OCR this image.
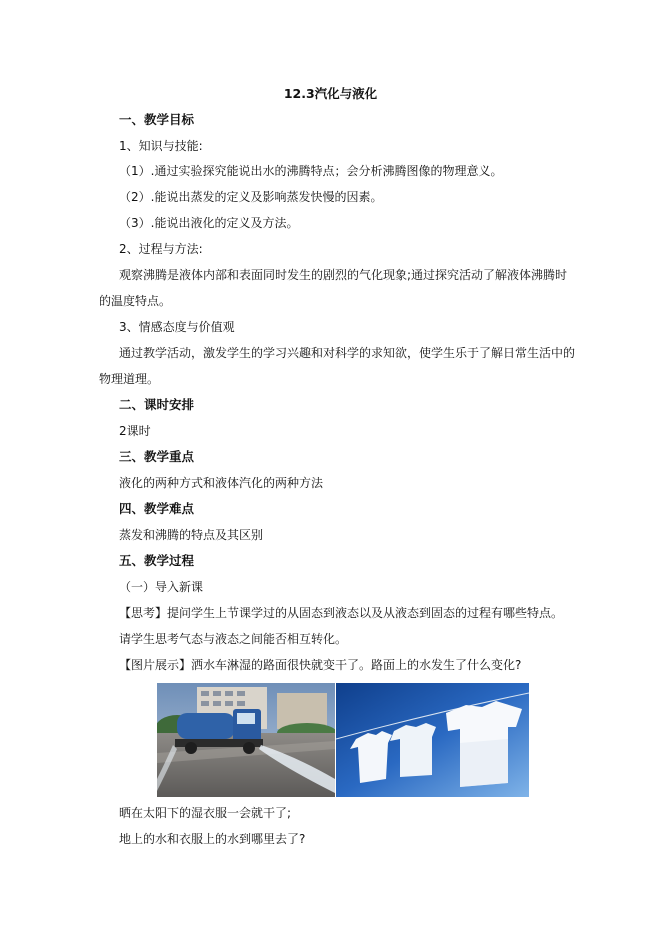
12.3汽化与液化
一、教学目标
1、知识与技能:
（1）.通过实验探究能说出水的沸腾特点；会分析沸腾图像的物理意义。
（2）.能说出蒸发的定义及影响蒸发快慢的因素。
（3）.能说出液化的定义及方法。
2、过程与方法:
观察沸腾是液体内部和表面同时发生的剧烈的气化现象;通过探究活动了解液体沸腾时
的温度特点。
3、情感态度与价值观
通过教学活动，激发学生的学习兴趣和对科学的求知欲，使学生乐于了解日常生活中的
物理道理。
二、课时安排
2课时
三、教学重点
液化的两种方式和液体汽化的两种方法
四、教学难点
蒸发和沸腾的特点及其区别
五、教学过程
（一）导入新课
【思考】提问学生上节课学过的从固态到液态以及从液态到固态的过程有哪些特点。
请学生思考气态与液态之间能否相互转化。
【图片展示】洒水车淋湿的路面很快就变干了。路面上的水发生了什么变化?
晒在太阳下的湿衣服一会就干了;
地上的水和衣服上的水到哪里去了?
